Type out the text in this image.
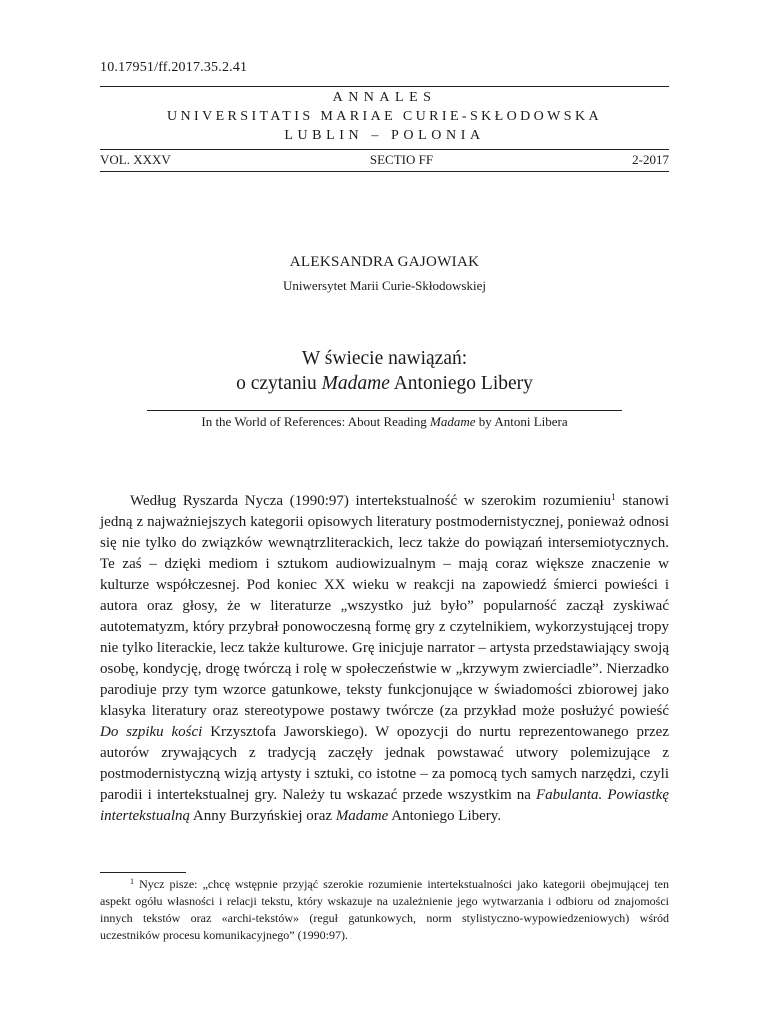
10.17951/ff.2017.35.2.41
ANNALES
UNIVERSITATIS MARIAE CURIE-SKŁODOWSKA
LUBLIN – POLONIA
VOL. XXXV	SECTIO FF	2-2017
ALEKSANDRA GAJOWIAK
Uniwersytet Marii Curie-Skłodowskiej
W świecie nawiązań:
o czytaniu Madame Antoniego Libery
In the World of References: About Reading Madame by Antoni Libera

Według Ryszarda Nycza (1990:97) intertekstualność w szerokim rozumieniu$^1$ stanowi jedną z najważniejszych kategorii opisowych literatury postmodernistycznej, ponieważ odnosi się nie tylko do związków wewnątrzliterackich, lecz także do powiązań intersemiotycznych. Te zaś – dzięki mediom i sztukom audiowizualnym – mają coraz większe znaczenie w kulturze współczesnej. Pod koniec XX wieku w reakcji na zapowiedź śmierci powieści i autora oraz głosy, że w literaturze „wszystko już było” popularność zaczął zyskiwać autotematyzm, który przybrał ponowoczesną formę gry z czytelnikiem, wykorzystującej tropy nie tylko literackie, lecz także kulturowe. Grę inicjuje narrator – artysta przedstawiający swoją osobę, kondycję, drogę twórczą i rolę w społeczeństwie w „krzywym zwierciadle”. Nierzadko parodiuje przy tym wzorce gatunkowe, teksty funkcjonujące w świadomości zbiorowej jako klasyka literatury oraz stereotypowe postawy twórcze (za przykład może posłużyć powieść Do szpiku kości Krzysztofa Jaworskiego). W opozycji do nurtu reprezentowanego przez autorów zrywających z tradycją zaczęły jednak powstawać utwory polemizujące z postmodernistyczną wizją artysty i sztuki, co istotne – za pomocą tych samych narzędzi, czyli parodii i intertekstualnej gry. Należy tu wskazać przede wszystkim na Fabulanta. Powiastkę intertekstualną Anny Burzyńskiej oraz Madame Antoniego Libery.

$^1$ Nycz pisze: „chcę wstępnie przyjąć szerokie rozumienie intertekstualności jako kategorii obejmującej ten aspekt ogółu własności i relacji tekstu, który wskazuje na uzależnienie jego wytwarzania i odbioru od znajomości innych tekstów oraz «archi-tekstów» (reguł gatunkowych, norm stylistyczno-wypowiedzeniowych) wśród uczestników procesu komunikacyjnego” (1990:97).
